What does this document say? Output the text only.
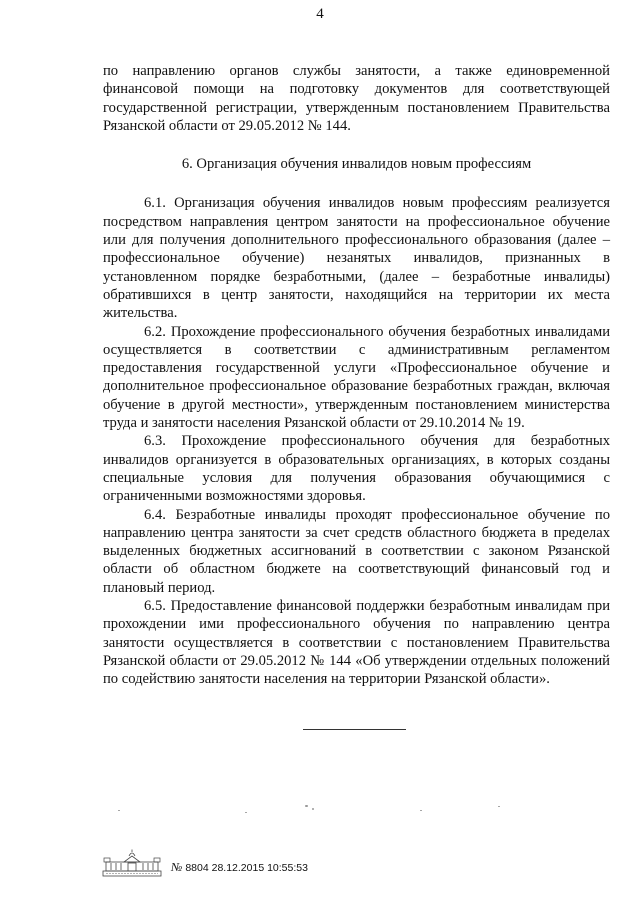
4

по направлению органов службы занятости, а также единовременной финансовой помощи на подготовку документов для соответствующей государственной регистрации, утвержденным постановлением Правительства Рязанской области от 29.05.2012 № 144.

6. Организация обучения инвалидов новым профессиям

6.1. Организация обучения инвалидов новым профессиям реализуется посредством направления центром занятости на профессиональное обучение или для получения дополнительного профессионального образования (далее – профессиональное обучение) незанятых инвалидов, признанных в установленном порядке безработными, (далее – безработные инвалиды) обратившихся в центр занятости, находящийся на территории их места жительства.

6.2. Прохождение профессионального обучения безработных инвалидами осуществляется в соответствии с административным регламентом предоставления государственной услуги «Профессиональное обучение и дополнительное профессиональное образование безработных граждан, включая обучение в другой местности», утвержденным постановлением министерства труда и занятости населения Рязанской области от 29.10.2014 № 19.

6.3. Прохождение профессионального обучения для безработных инвалидов организуется в образовательных организациях, в которых созданы специальные условия для получения образования обучающимися с ограниченными возможностями здоровья.

6.4. Безработные инвалиды проходят профессиональное обучение по направлению центра занятости за счет средств областного бюджета в пределах выделенных бюджетных ассигнований в соответствии с законом Рязанской области об областном бюджете на соответствующий финансовый год и плановый период.

6.5. Предоставление финансовой поддержки безработным инвалидам при прохождении ими профессионального обучения по направлению центра занятости осуществляется в соответствии с постановлением Правительства Рязанской области от 29.05.2012 № 144 «Об утверждении отдельных положений по содействию занятости населения на территории Рязанской области».

№ 8804 28.12.2015 10:55:53
